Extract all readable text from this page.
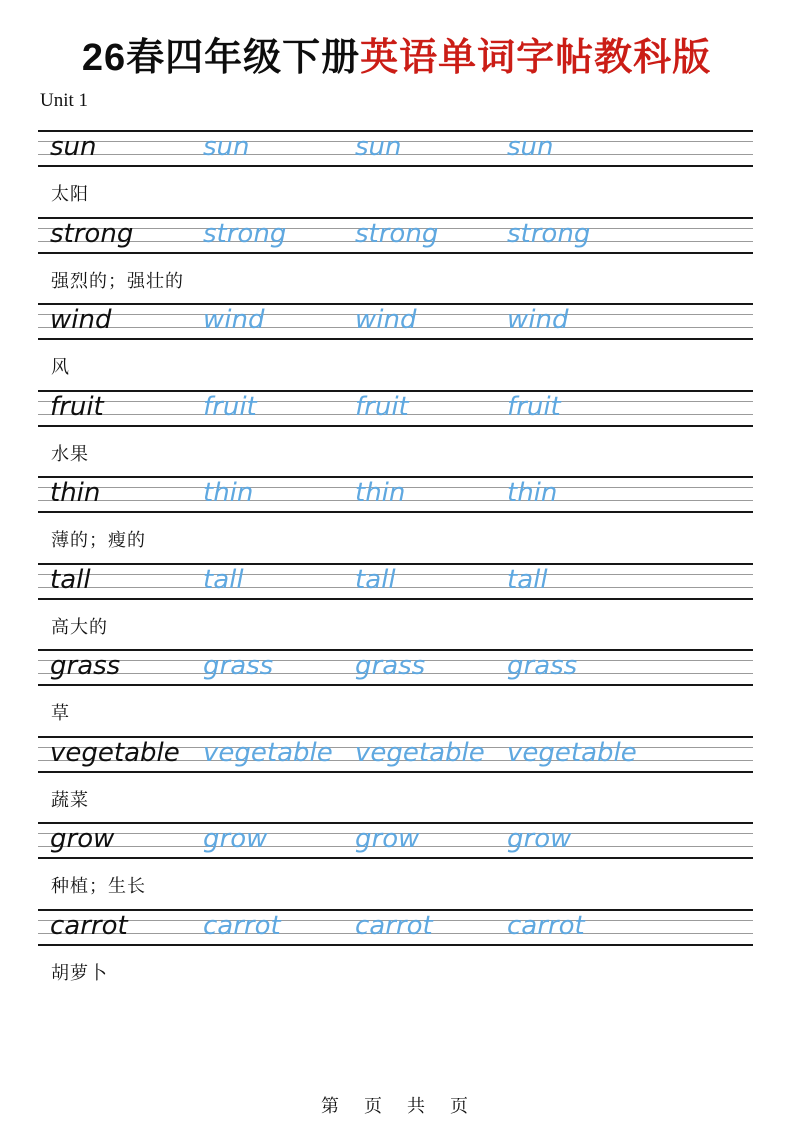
26春四年级下册英语单词字帖教科版
Unit 1
sun	sun	sun	sun
太阳
strong	strong	strong	strong
强烈的；强壮的
wind	wind	wind	wind
风
fruit	fruit	fruit	fruit
水果
thin	thin	thin	thin
薄的；瘦的
tall	tall	tall	tall
高大的
grass	grass	grass	grass
草
vegetable vegetable vegetable vegetable
蔬菜
grow	grow	grow	grow
种植；生长
carrot	carrot	carrot	carrot
胡萝卜
第 页 共 页
